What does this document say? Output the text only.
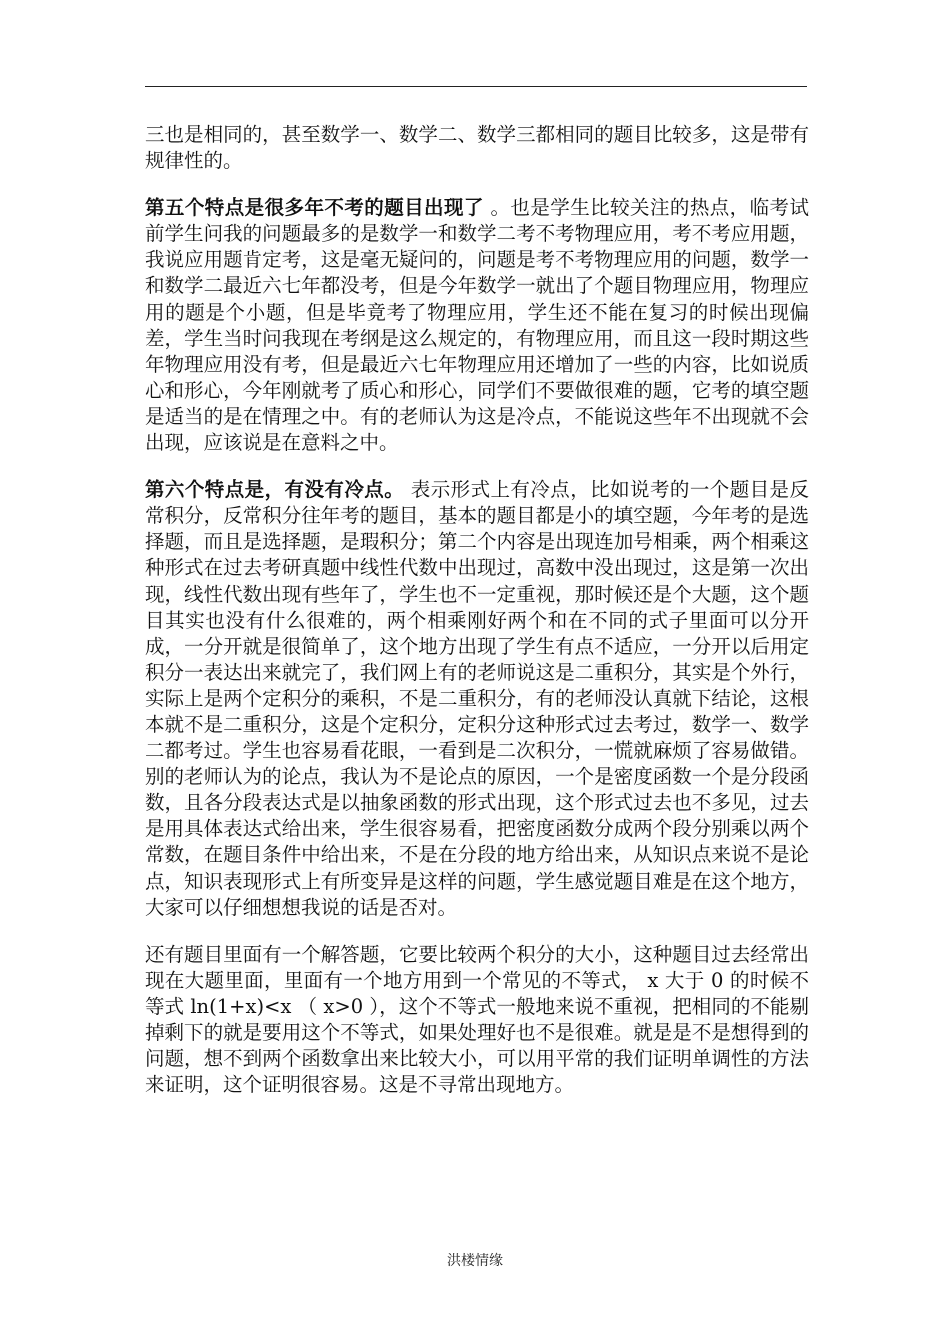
三也是相同的，甚至数学一、数学二、数学三都相同的题目比较多，这是带有规律性的。

第五个特点是很多年不考的题目出现了 。也是学生比较关注的热点，临考试前学生问我的问题最多的是数学一和数学二考不考物理应用，考不考应用题，我说应用题肯定考，这是毫无疑问的，问题是考不考物理应用的问题，数学一和数学二最近六七年都没考，但是今年数学一就出了个题目物理应用，物理应用的题是个小题，但是毕竟考了物理应用，学生还不能在复习的时候出现偏差，学生当时问我现在考纲是这么规定的，有物理应用，而且这一段时期这些年物理应用没有考，但是最近六七年物理应用还增加了一些的内容，比如说质心和形心，今年刚就考了质心和形心，同学们不要做很难的题，它考的填空题是适当的是在情理之中。有的老师认为这是冷点，不能说这些年不出现就不会出现，应该说是在意料之中。

第六个特点是，有没有冷点。 表示形式上有冷点，比如说考的一个题目是反常积分，反常积分往年考的题目，基本的题目都是小的填空题，今年考的是选择题，而且是选择题，是瑕积分；第二个内容是出现连加号相乘，两个相乘这种形式在过去考研真题中线性代数中出现过，高数中没出现过，这是第一次出现，线性代数出现有些年了，学生也不一定重视，那时候还是个大题，这个题目其实也没有什么很难的，两个相乘刚好两个和在不同的式子里面可以分开成，一分开就是很简单了，这个地方出现了学生有点不适应，一分开以后用定积分一表达出来就完了，我们网上有的老师说这是二重积分，其实是个外行，实际上是两个定积分的乘积，不是二重积分，有的老师没认真就下结论，这根本就不是二重积分，这是个定积分，定积分这种形式过去考过，数学一、数学二都考过。学生也容易看花眼，一看到是二次积分，一慌就麻烦了容易做错。别的老师认为的论点，我认为不是论点的原因，一个是密度函数一个是分段函数，且各分段表达式是以抽象函数的形式出现，这个形式过去也不多见，过去是用具体表达式给出来，学生很容易看，把密度函数分成两个段分别乘以两个常数，在题目条件中给出来，不是在分段的地方给出来，从知识点来说不是论点，知识表现形式上有所变异是这样的问题，学生感觉题目难是在这个地方，大家可以仔细想想我说的话是否对。

还有题目里面有一个解答题，它要比较两个积分的大小，这种题目过去经常出现在大题里面，里面有一个地方用到一个常见的不等式， x 大于 0 的时候不等式 ln(1+x)<x （ x>0 ），这个不等式一般地来说不重视，把相同的不能剔掉剩下的就是要用这个不等式，如果处理好也不是很难。就是是不是想得到的问题，想不到两个函数拿出来比较大小，可以用平常的我们证明单调性的方法来证明，这个证明很容易。这是不寻常出现地方。

洪楼情缘
